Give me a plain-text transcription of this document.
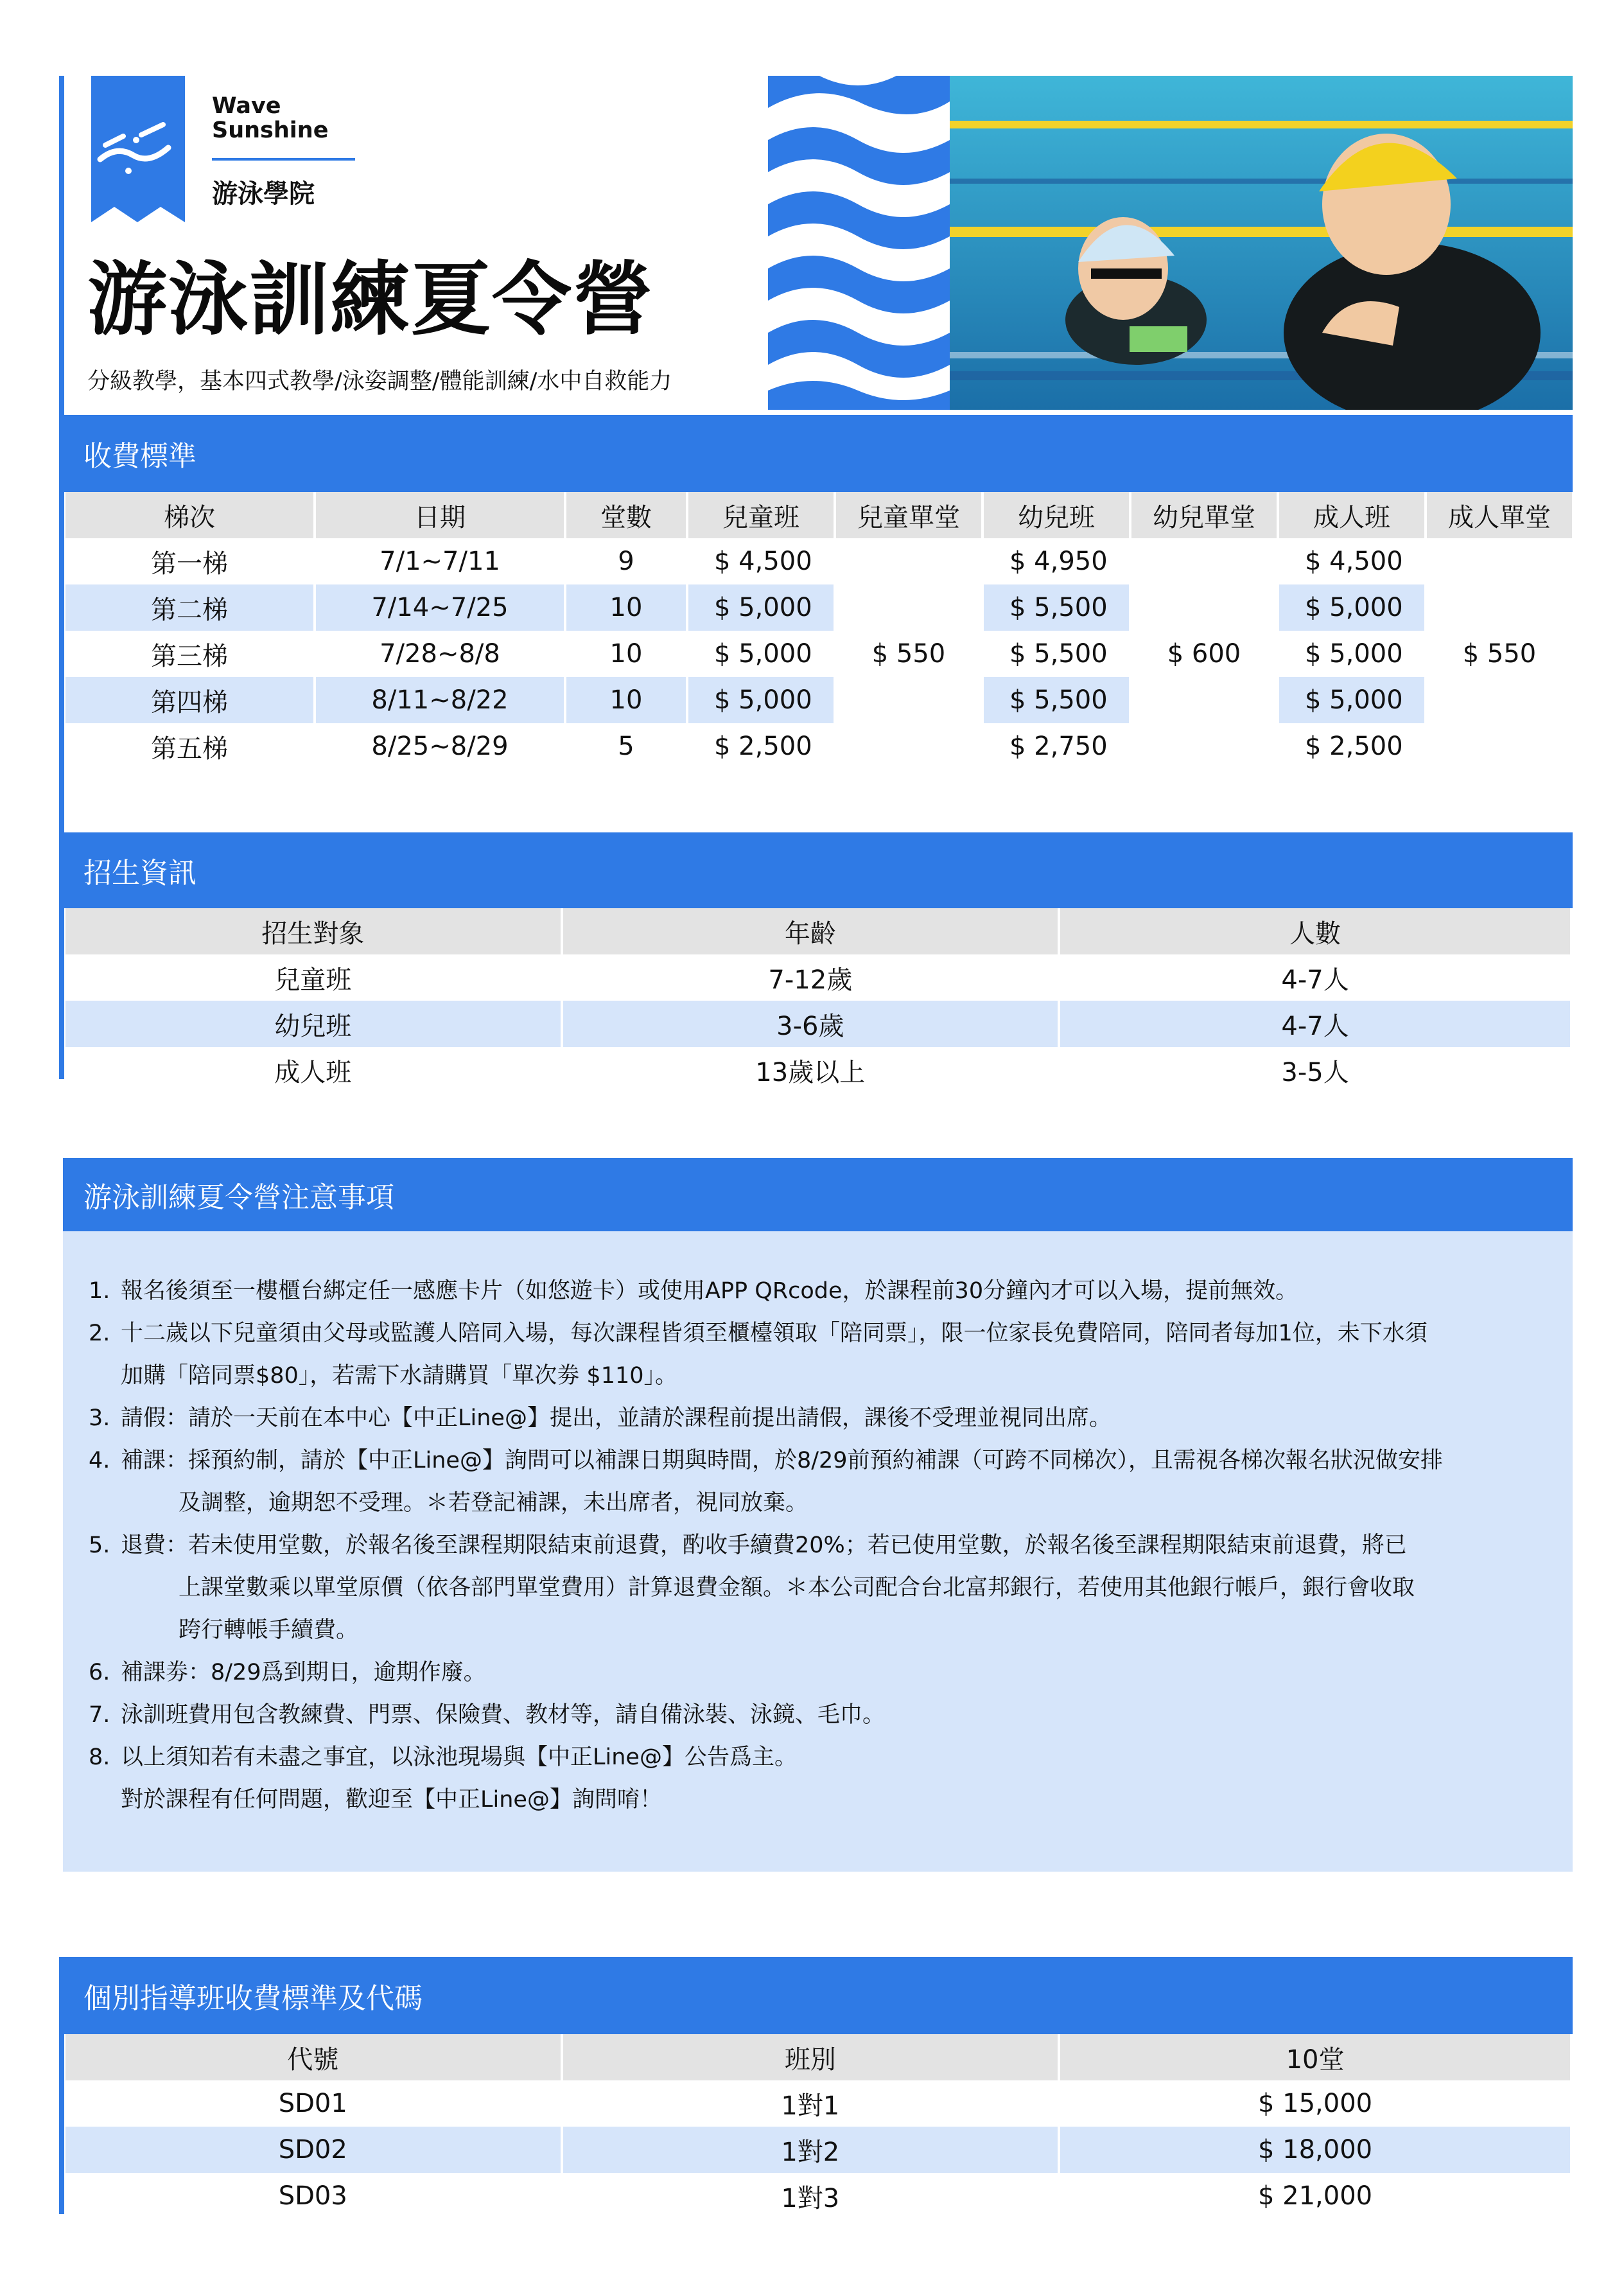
Wave
Sunshine
游泳學院
游泳訓練夏令營
分級教學，基本四式教學/泳姿調整/體能訓練/水中自救能力
收費標準
梯次	日期	堂數	兒童班	兒童單堂	幼兒班	幼兒單堂	成人班	成人單堂
第一梯	7/1~7/11	9	$ 4,500	$ 550	$ 4,950	$ 600	$ 4,500	$ 550
第二梯	7/14~7/25	10	$ 5,000		$ 5,500		$ 5,000	
第三梯	7/28~8/8	10	$ 5,000		$ 5,500		$ 5,000	
第四梯	8/11~8/22	10	$ 5,000		$ 5,500		$ 5,000	
第五梯	8/25~8/29	5	$ 2,500		$ 2,750		$ 2,500	
招生資訊
招生對象	年齡	人數
兒童班	7-12歲	4-7人
幼兒班	3-6歲	4-7人
成人班	13歲以上	3-5人
游泳訓練夏令營注意事項
1. 報名後須至一樓櫃台綁定任一感應卡片（如悠遊卡）或使用APP QRcode，於課程前30分鐘內才可以入場，提前無效。
2. 十二歲以下兒童須由父母或監護人陪同入場，每次課程皆須至櫃檯領取「陪同票」，限一位家長免費陪同，陪同者每加1位，未下水須
加購「陪同票$80」，若需下水請購買「單次劵 $110」。
3. 請假：請於一天前在本中心【中正Line@】提出，並請於課程前提出請假，課後不受理並視同出席。
4. 補課：採預約制，請於【中正Line@】詢問可以補課日期與時間，於8/29前預約補課（可跨不同梯次），且需視各梯次報名狀況做安排
及調整，逾期恕不受理。＊若登記補課，未出席者，視同放棄。
5. 退費：若未使用堂數，於報名後至課程期限結束前退費，酌收手續費20%；若已使用堂數，於報名後至課程期限結束前退費，將已
上課堂數乘以單堂原價（依各部門單堂費用）計算退費金額。＊本公司配合台北富邦銀行，若使用其他銀行帳戶，銀行會收取
跨行轉帳手續費。
6. 補課劵：8/29爲到期日，逾期作廢。
7. 泳訓班費用包含教練費、門票、保險費、教材等，請自備泳裝、泳鏡、毛巾。
8. 以上須知若有未盡之事宜，以泳池現場與【中正Line@】公告爲主。
對於課程有任何問題，歡迎至【中正Line@】詢問唷！
個別指導班收費標準及代碼
代號	班別	10堂
SD01	1對1	$ 15,000
SD02	1對2	$ 18,000
SD03	1對3	$ 21,000
